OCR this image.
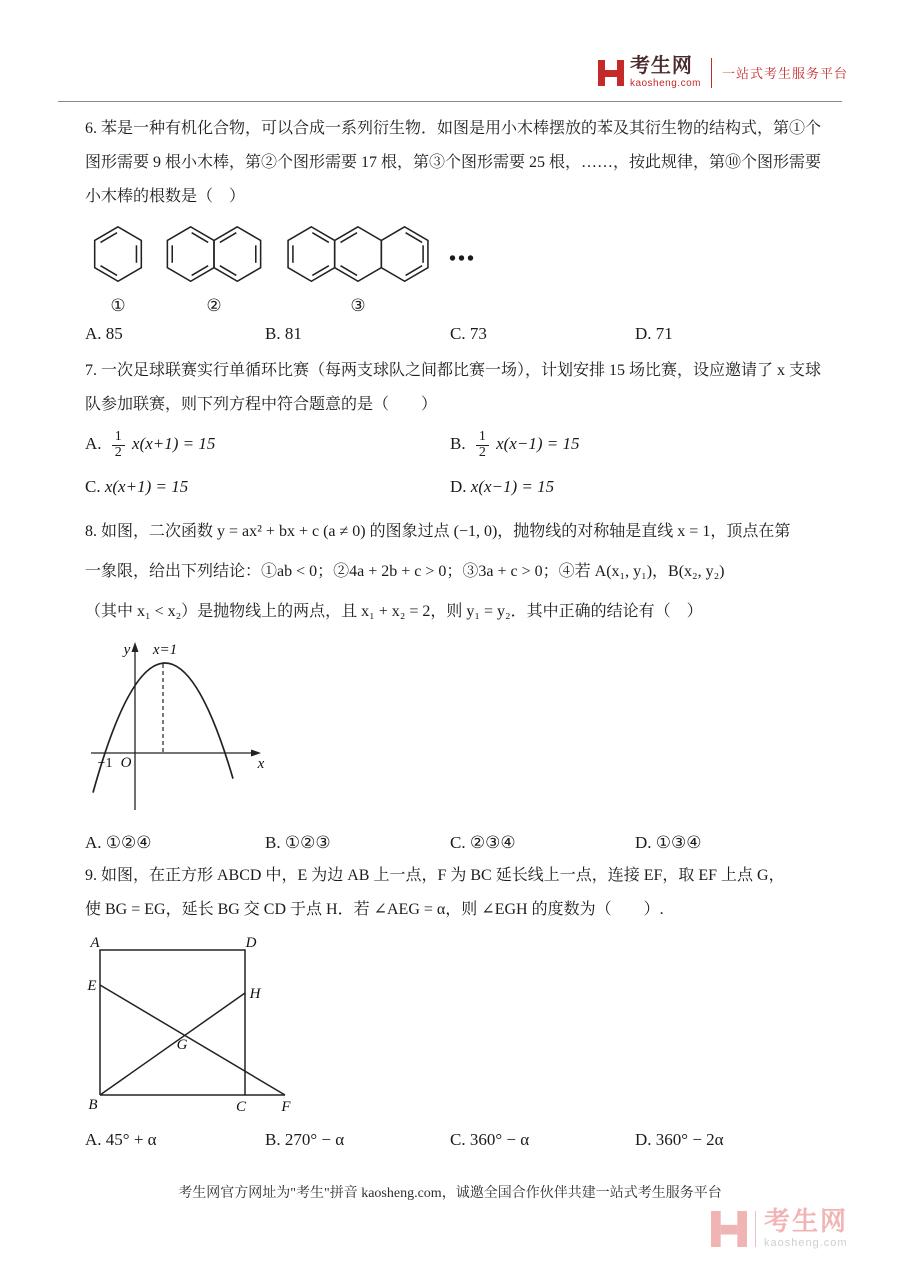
考生网
kaosheng.com
一站式考生服务平台
6. 苯是一种有机化合物，可以合成一系列衍生物．如图是用小木棒摆放的苯及其衍生物的结构式，第①个
图形需要 9 根小木棒，第②个图形需要 17 根，第③个图形需要 25 根，……，按此规律，第⑩个图形需要
小木棒的根数是（　）
①	②	③
•••
A. 85	B. 81	C. 73	D. 71
7. 一次足球联赛实行单循环比赛（每两支球队之间都比赛一场），计划安排 15 场比赛，设应邀请了 x 支球
队参加联赛，则下列方程中符合题意的是（　　）
A. $\frac{1}{2} x(x+1) = 15$	B. $\frac{1}{2} x(x-1) = 15$
C. x(x+1) = 15	D. x(x−1) = 15
8. 如图，二次函数 y = ax² + bx + c (a ≠ 0) 的图象过点 (−1, 0)，抛物线的对称轴是直线 x = 1，顶点在第
一象限，给出下列结论：①ab < 0；②4a + 2b + c > 0；③3a + c > 0；④若 A(x₁, y₁)，B(x₂, y₂)
（其中 x₁ < x₂）是抛物线上的两点，且 x₁ + x₂ = 2，则 y₁ = y₂．其中正确的结论有（　）
y x=1
−1 O	x
A. ①②④	B. ①②③	C. ②③④	D. ①③④
9. 如图，在正方形 ABCD 中，E 为边 AB 上一点，F 为 BC 延长线上一点，连接 EF，取 EF 上点 G，
使 BG = EG，延长 BG 交 CD 于点 H．若 ∠AEG = α，则 ∠EGH 的度数为（　　）.
A	D
E	H
G
B	C F
A. 45° + α	B. 270° − α	C. 360° − α	D. 360° − 2α
考生网官方网址为"考生"拼音 kaosheng.com，诚邀全国合作伙伴共建一站式考生服务平台
考生网
kaosheng.com
